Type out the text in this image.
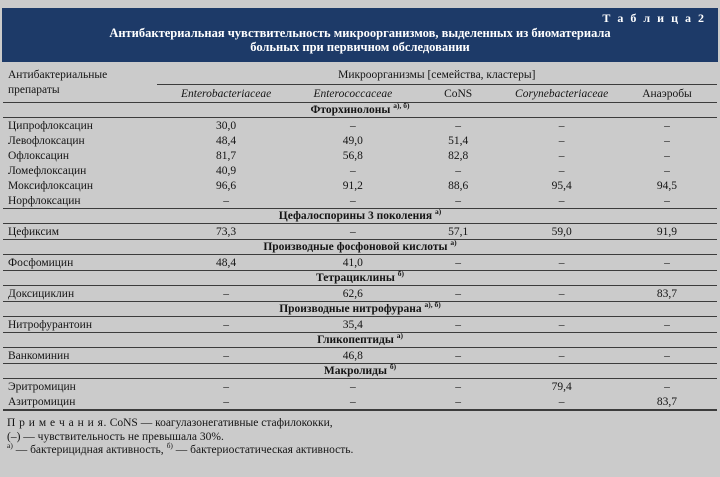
Т а б л и ц а 2
Антибактериальная чувствительность микроорганизмов, выделенных из биоматериала
больных при первичном обследовании
Антибактериальные
препараты	Микроорганизмы [семейства, кластеры]				
	Enterobacteriaceae	Enterococcaceae	CoNS	Corynebacteriaceae	Анаэробы
Фторхинолоны $^{а), б)}$
Ципрофлоксацин	30,0	–	–	–	–
Левофлоксацин	48,4	49,0	51,4	–	–
Офлоксацин	81,7	56,8	82,8	–	–
Ломефлоксацин	40,9	–	–	–	–
Моксифлоксацин	96,6	91,2	88,6	95,4	94,5
Норфлоксацин	–	–	–	–	–
Цефалоспорины 3 поколения $^{а)}$
Цефиксим	73,3	–	57,1	59,0	91,9
Производные фосфоновой кислоты $^{а)}$
Фосфомицин	48,4	41,0	–	–	–
Тетрациклины $^{б)}$
Доксициклин	–	62,6	–	–	83,7
Производные нитрофурана $^{а), б)}$
Нитрофурантоин	–	35,4	–	–	–
Гликопептиды $^{а)}$
Ванкоминин	–	46,8	–	–	–
Макролиды $^{б)}$
Эритромицин	–	–	–	79,4	–
Азитромицин	–	–	–	–	83,7
П р и м е ч а н и я. CoNS — коагулазонегативные стафилококки,
(–) — чувствительность не превышала 30%.
$^{а)}$ — бактерицидная активность, $^{б)}$ — бактериостатическая активность.
